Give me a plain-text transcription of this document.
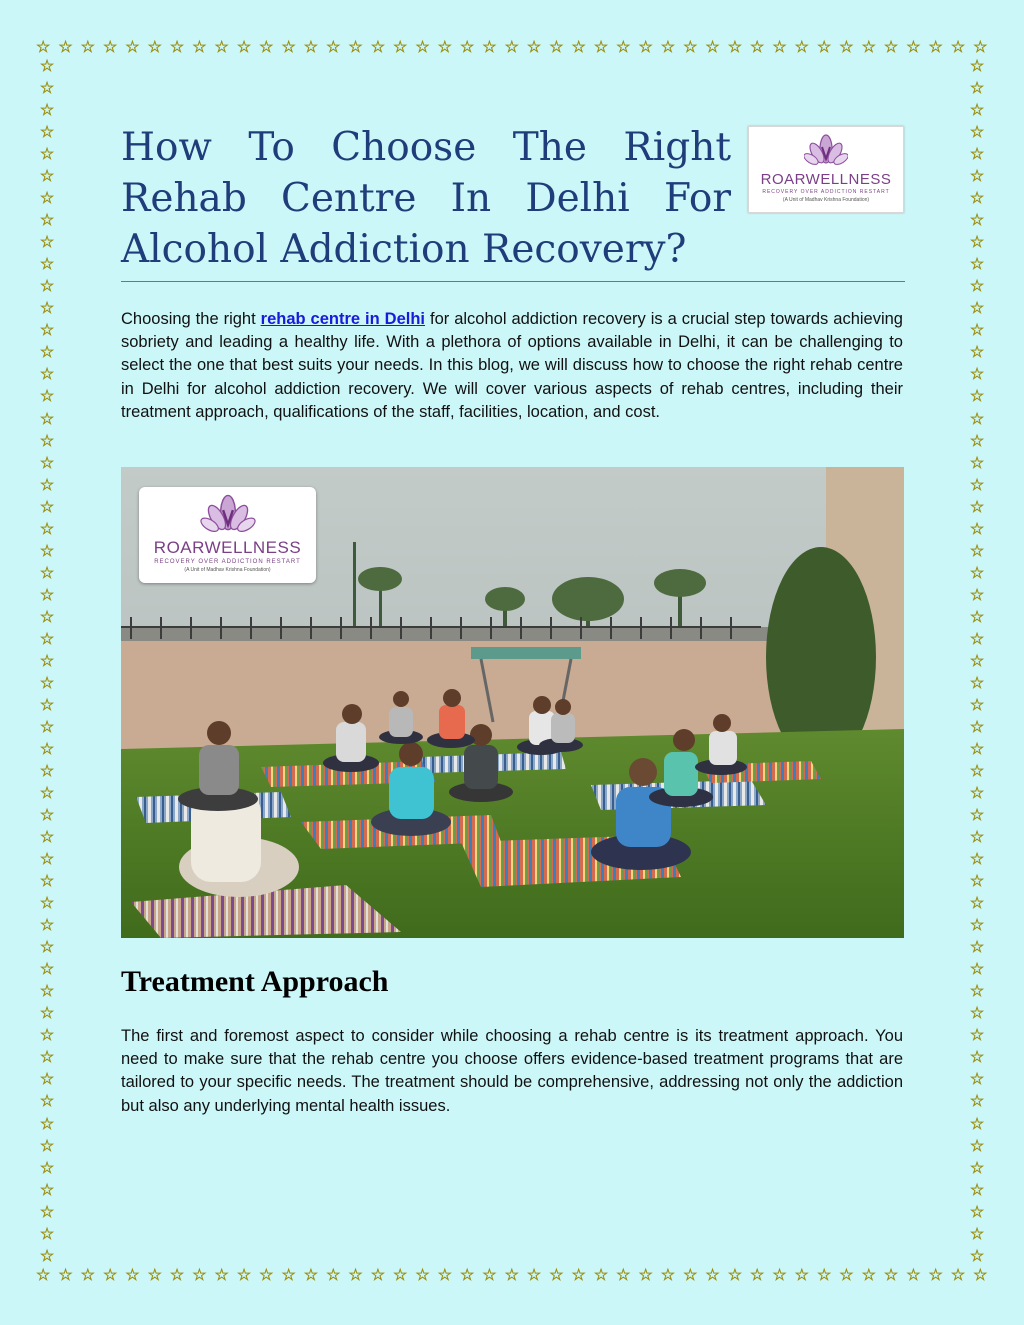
☆ ☆ ☆ ☆ ☆ ☆ ☆ ☆ ☆ ☆ ☆ ☆ ☆ ☆ ☆ ☆ ☆ ☆ ☆ ☆ ☆ ☆ ☆ ☆ ☆ ☆ ☆ ☆ ☆ ☆ ☆ ☆ ☆ ☆ ☆ ☆ ☆ ☆ ☆ ☆ ☆ ☆ ☆
☆ ☆ ☆ ☆ ☆ ☆ ☆ ☆ ☆ ☆ ☆ ☆ ☆ ☆ ☆ ☆ ☆ ☆ ☆ ☆ ☆ ☆ ☆ ☆ ☆ ☆ ☆ ☆ ☆ ☆ ☆ ☆ ☆ ☆ ☆ ☆ ☆ ☆ ☆ ☆ ☆ ☆ ☆
☆
☆
☆
☆
☆
☆
☆
☆
☆
☆
☆
☆
☆
☆
☆
☆
☆
☆
☆
☆
☆
☆
☆
☆
☆
☆
☆
☆
☆
☆
☆
☆
☆
☆
☆
☆
☆
☆
☆
☆
☆
☆
☆
☆
☆
☆
☆
☆
☆
☆
☆
☆
☆
☆
☆
☆
☆
☆
☆
☆
☆
☆
☆
☆
☆
☆
☆
☆
☆
☆
☆
☆
☆
☆
☆
☆
☆
☆
☆
☆
☆
☆
☆
☆
☆
☆
☆
☆
☆
☆
☆
☆
☆
☆
☆
☆
☆
☆
☆
☆
☆
☆
☆
☆
☆
☆
☆
☆
☆
☆
How To Choose The Right
Rehab Centre In Delhi For
Alcohol Addiction Recovery?
ROARWELLNESS
RECOVERY OVER ADDICTION RESTART
(A Unit of Madhav Krishna Foundation)

Choosing the right rehab centre in Delhi for alcohol addiction recovery is a crucial step towards achieving sobriety and leading a healthy life. With a plethora of options available in Delhi, it can be challenging to select the one that best suits your needs. In this blog, we will discuss how to choose the right rehab centre in Delhi for alcohol addiction recovery. We will cover various aspects of rehab centres, including their treatment approach, qualifications of the staff, facilities, location, and cost.

ROARWELLNESS
RECOVERY OVER ADDICTION RESTART
(A Unit of Madhav Krishna Foundation)
Treatment Approach

The first and foremost aspect to consider while choosing a rehab centre is its treatment approach. You need to make sure that the rehab centre you choose offers evidence-based treatment programs that are tailored to your specific needs. The treatment should be comprehensive, addressing not only the addiction but also any underlying mental health issues.
